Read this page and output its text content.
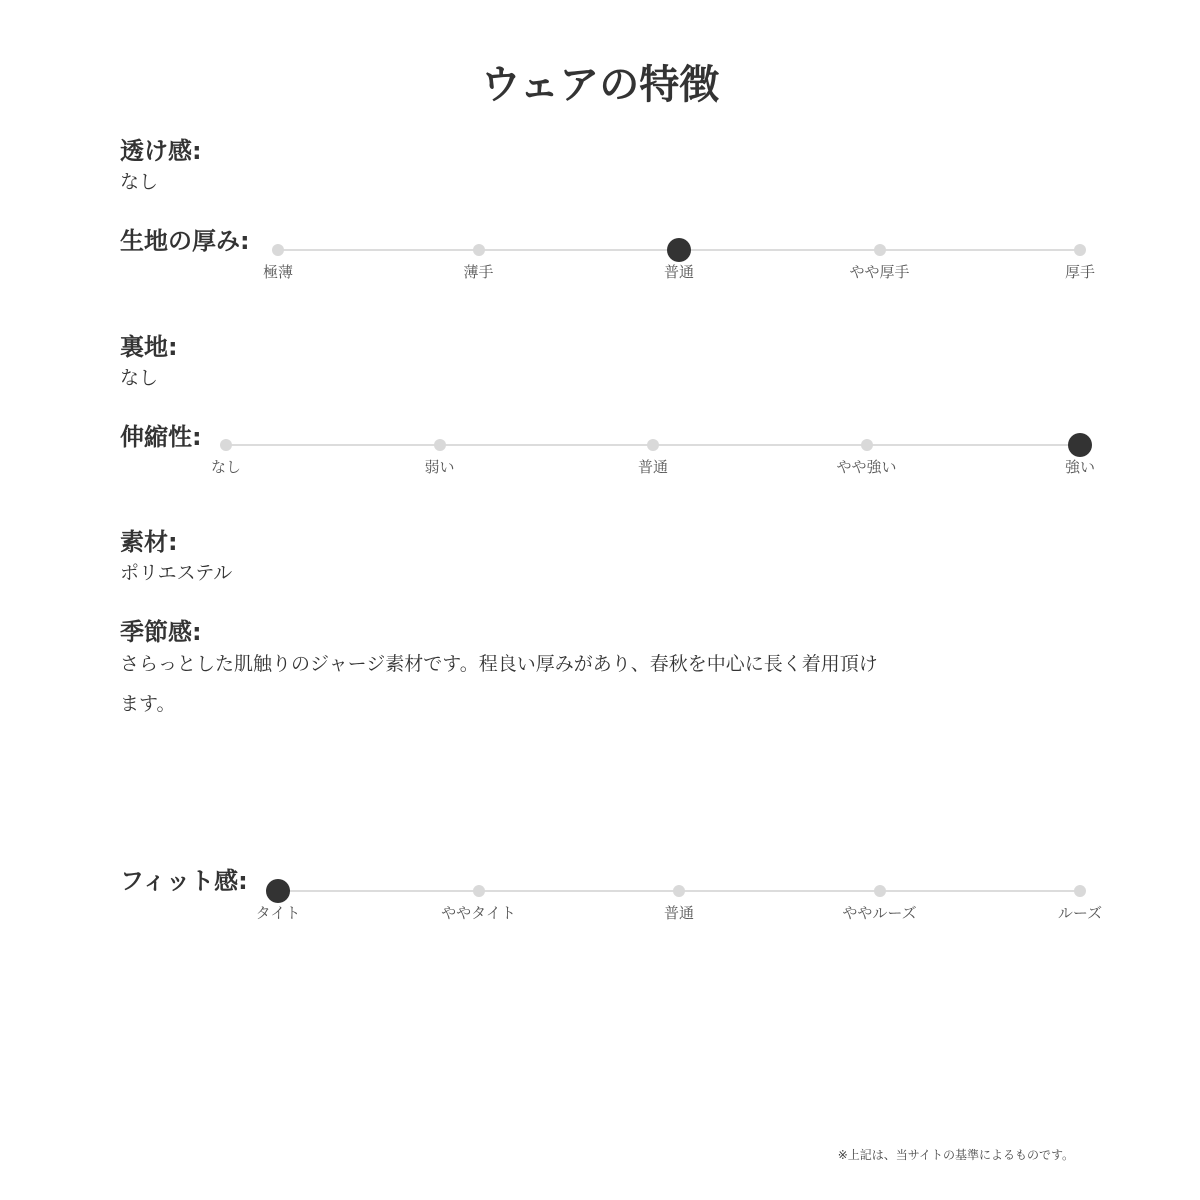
ウェアの特徴
透け感:
なし
生地の厚み:
極薄	薄手	普通	やや厚手	厚手
裏地:
なし
伸縮性:
なし	弱い	普通	やや強い	強い
素材:
ポリエステル
季節感:
さらっとした肌触りのジャージ素材です。程良い厚みがあり、春秋を中心に長く着用頂けます。
フィット感:
タイト	ややタイト	普通	ややルーズ	ルーズ
※上記は、当サイトの基準によるものです。
